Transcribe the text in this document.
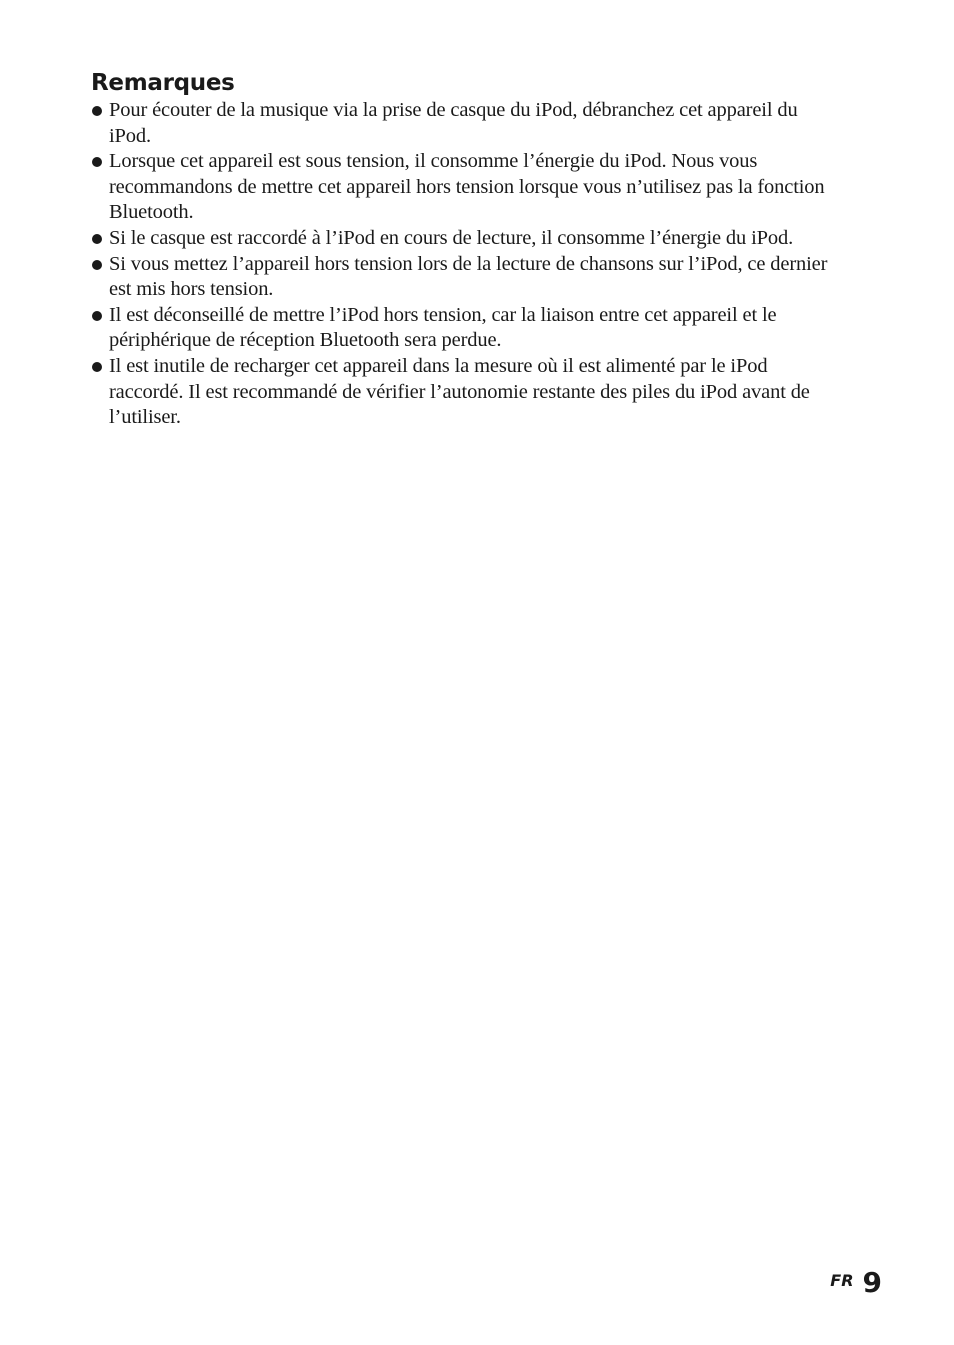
Remarques
Pour écouter de la musique via la prise de casque du iPod, débranchez cet appareil du iPod.
Lorsque cet appareil est sous tension, il consomme l’énergie du iPod. Nous vous recommandons de mettre cet appareil hors tension lorsque vous n’utilisez pas la fonction Bluetooth.
Si le casque est raccordé à l’iPod en cours de lecture, il consomme l’énergie du iPod.
Si vous mettez l’appareil hors tension lors de la lecture de chansons sur l’iPod, ce dernier est mis hors tension.
Il est déconseillé de mettre l’iPod hors tension, car la liaison entre cet appareil et le périphérique de réception Bluetooth sera perdue.
Il est inutile de recharger cet appareil dans la mesure où il est alimenté par le iPod raccordé. Il est recommandé de vérifier l’autonomie restante des piles du iPod avant de l’utiliser.
FR 9
